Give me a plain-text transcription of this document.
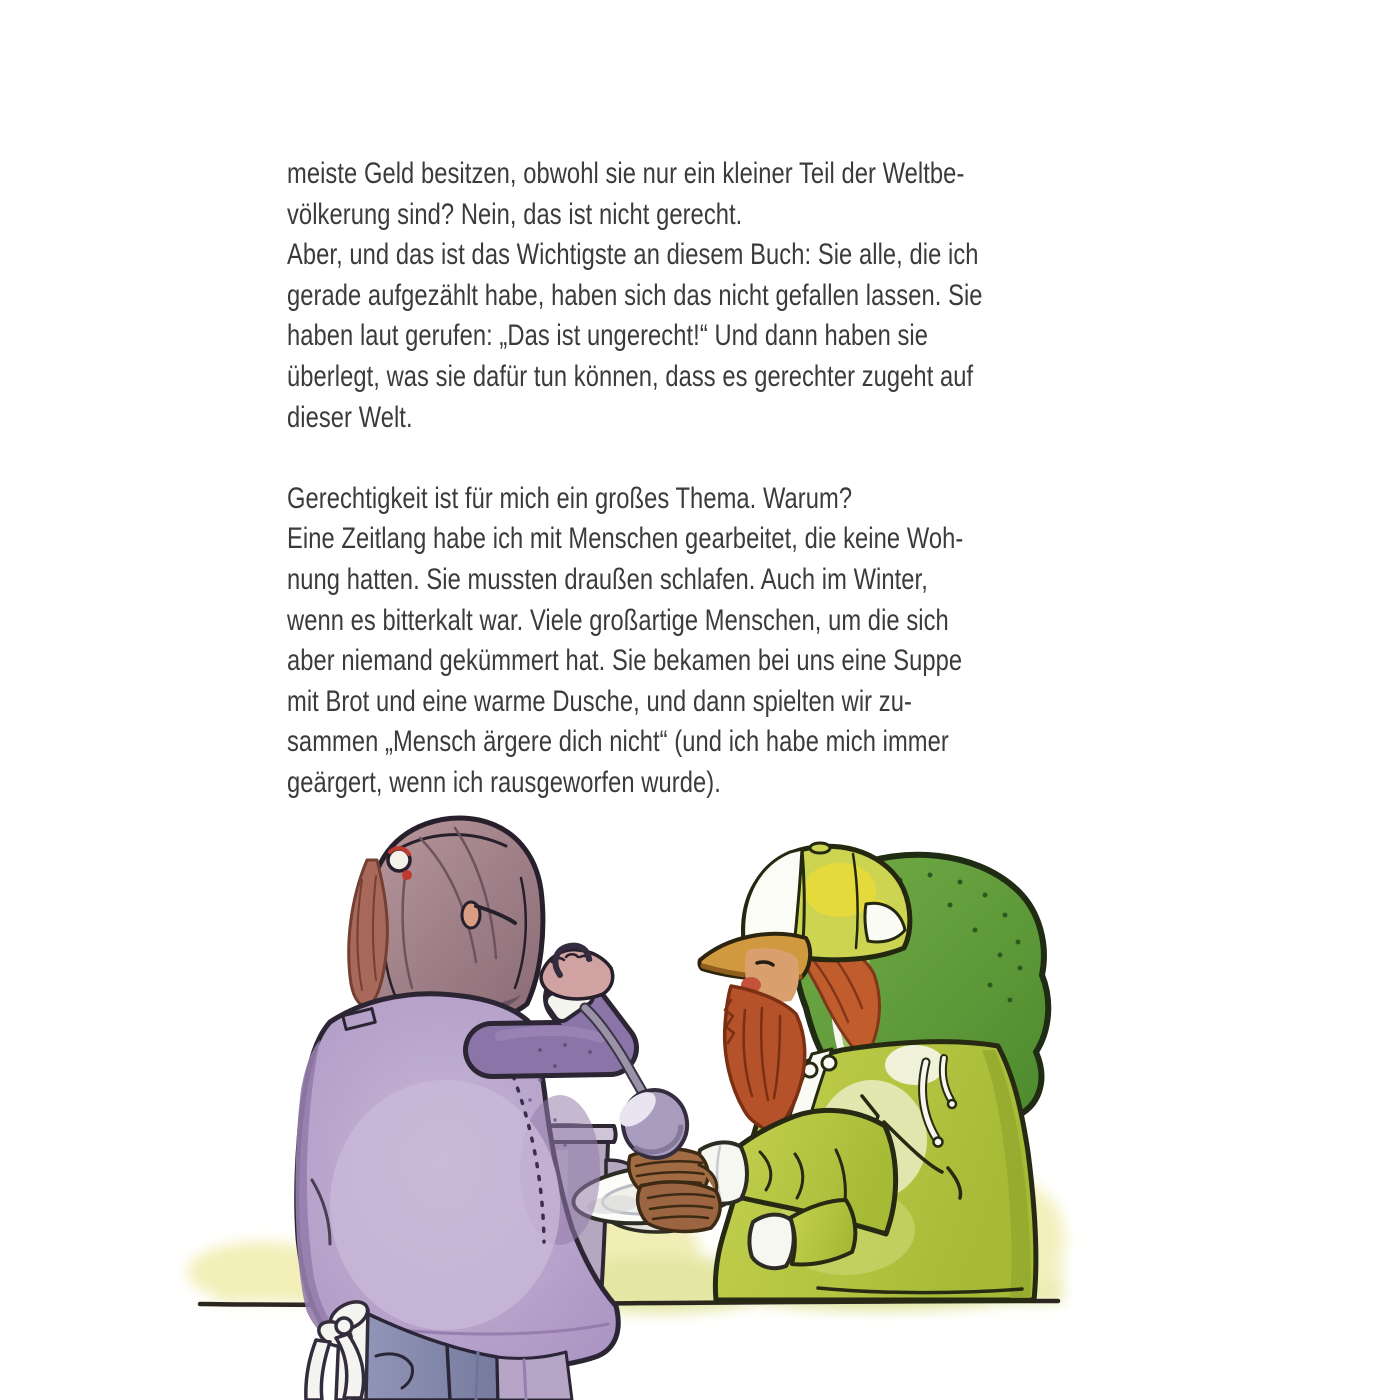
meiste Geld besitzen, obwohl sie nur ein kleiner Teil der Weltbe-
völkerung sind? Nein, das ist nicht gerecht.
Aber, und das ist das Wichtigste an diesem Buch: Sie alle, die ich
gerade aufgezählt habe, haben sich das nicht gefallen lassen. Sie
haben laut gerufen: „Das ist ungerecht!“ Und dann haben sie
überlegt, was sie dafür tun können, dass es gerechter zugeht auf
dieser Welt.
Gerechtigkeit ist für mich ein großes Thema. Warum?
Eine Zeitlang habe ich mit Menschen gearbeitet, die keine Woh-
nung hatten. Sie mussten draußen schlafen. Auch im Winter,
wenn es bitterkalt war. Viele großartige Menschen, um die sich
aber niemand gekümmert hat. Sie bekamen bei uns eine Suppe
mit Brot und eine warme Dusche, und dann spielten wir zu-
sammen „Mensch ärgere dich nicht“ (und ich habe mich immer
geärgert, wenn ich rausgeworfen wurde).
